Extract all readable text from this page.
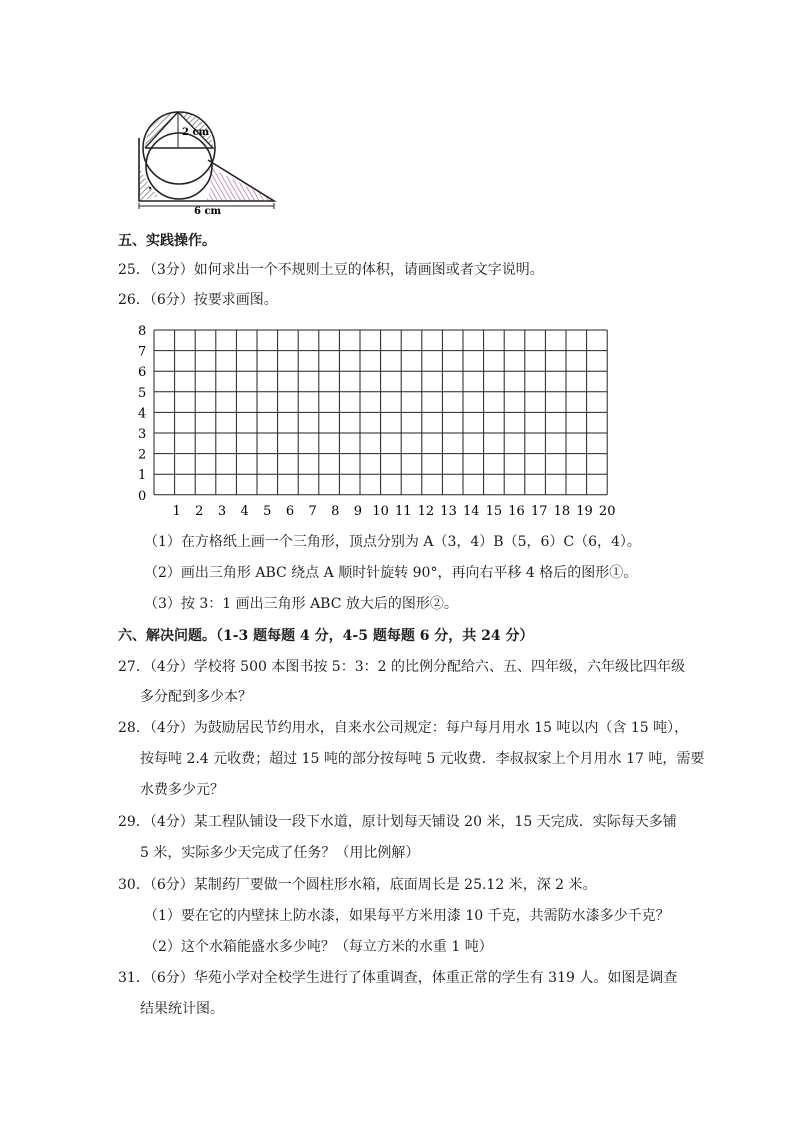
2 cm
6 cm
五、实践操作。
25．（3分）如何求出一个不规则土豆的体积，请画图或者文字说明。
26．（6分）按要求画图。
8
7
6
5
4
3
2
1
0
1 2 3 4 5 6 7 8 9 10 11 12 13 14 15 16 17 18 19 20
（1）在方格纸上画一个三角形，顶点分别为 A（3，4）B（5，6）C（6，4）。
（2）画出三角形 ABC 绕点 A 顺时针旋转 90°，再向右平移 4 格后的图形①。
（3）按 3：1 画出三角形 ABC 放大后的图形②。
六、解决问题。（1-3 题每题 4 分，4-5 题每题 6 分，共 24 分）
27．（4分）学校将 500 本图书按 5：3：2 的比例分配给六、五、四年级，六年级比四年级
多分配到多少本？
28．（4分）为鼓励居民节约用水，自来水公司规定：每户每月用水 15 吨以内（含 15 吨），
按每吨 2.4 元收费；超过 15 吨的部分按每吨 5 元收费．李叔叔家上个月用水 17 吨，需要
水费多少元？
29．（4分）某工程队铺设一段下水道，原计划每天铺设 20 米，15 天完成．实际每天多铺
5 米，实际多少天完成了任务？（用比例解）
30．（6分）某制药厂要做一个圆柱形水箱，底面周长是 25.12 米，深 2 米。
（1）要在它的内壁抹上防水漆，如果每平方米用漆 10 千克，共需防水漆多少千克？
（2）这个水箱能盛水多少吨？（每立方米的水重 1 吨）
31．（6分）华苑小学对全校学生进行了体重调查，体重正常的学生有 319 人。如图是调查
结果统计图。
